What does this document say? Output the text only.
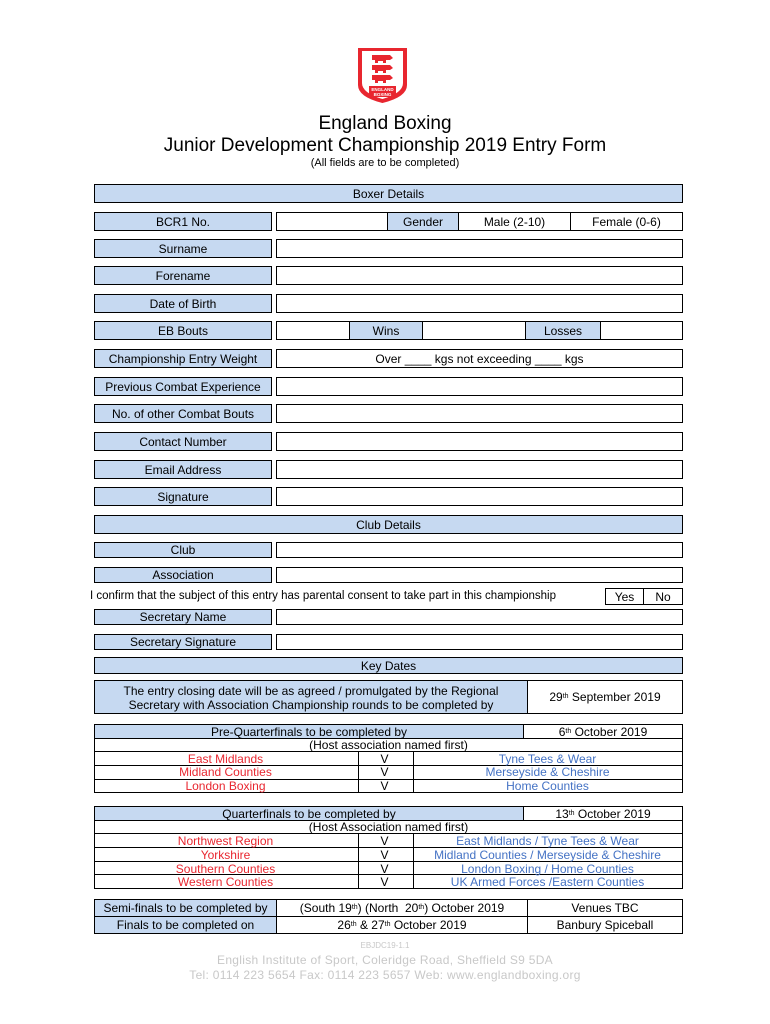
ENGLAND
BOXING
England Boxing
Junior Development Championship 2019 Entry Form
(All fields are to be completed)
Boxer Details
BCR1 No.	Gender	Male (2-10)	Female (0-6)
Surname
Forename
Date of Birth
EB Bouts	Wins	Losses
Championship Entry Weight	Over ____ kgs not exceeding ____ kgs
Previous Combat Experience
No. of other Combat Bouts
Contact Number
Email Address
Signature
Club Details
Club
Association
I confirm that the subject of this entry has parental consent to take part in this championship	Yes	No
Secretary Name
Secretary Signature
Key Dates
The entry closing date will be as agreed / promulgated by the Regional
Secretary with Association Championship rounds to be completed by
29 th September 2019
Pre-Quarterfinals to be completed by	6 th October 2019
(Host association named first)
East Midlands	V	Tyne Tees & Wear
Midland Counties	V	Merseyside & Cheshire
London Boxing	V	Home Counties
Quarterfinals to be completed by	13 th October 2019
(Host Association named first)
Northwest Region	V	East Midlands / Tyne Tees & Wear
Yorkshire	V	Midland Counties / Merseyside & Cheshire
Southern Counties	V	London Boxing / Home Counties
Western Counties	V	UK Armed Forces /Eastern Counties
Semi-finals to be completed by	(South 19 th ) (North  20 th ) October 2019	Venues TBC
Finals to be completed on	26 th & 27 th October 2019	Banbury Spiceball
EBJDC19-1.1
English Institute of Sport, Coleridge Road, Sheffield S9 5DA
Tel: 0114 223 5654 Fax: 0114 223 5657 Web: www.englandboxing.org
